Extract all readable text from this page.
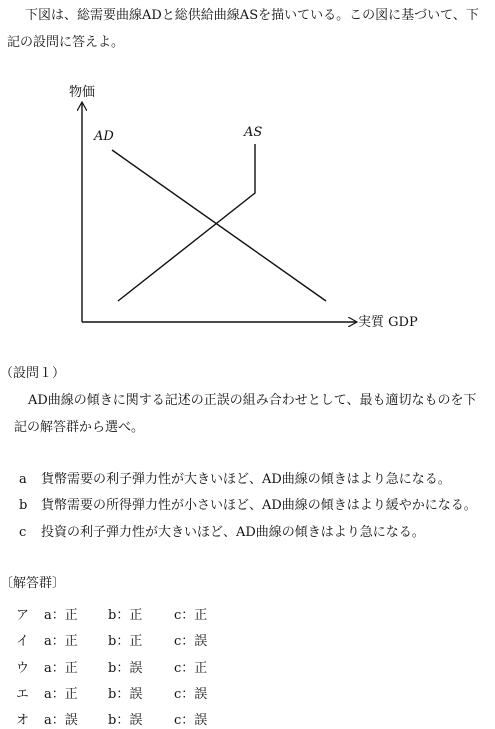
下図は、総需要曲線ADと総供給曲線ASを描いている。この図に基づいて、下
記の設問に答えよ。
物価
実質 GDP
AD	AS
（設問１）
AD曲線の傾きに関する記述の正誤の組み合わせとして、最も適切なものを下
記の解答群から選べ。
a 貨幣需要の利子弾力性が大きいほど、AD曲線の傾きはより急になる。
b 貨幣需要の所得弾力性が小さいほど、AD曲線の傾きはより緩やかになる。
c 投資の利子弾力性が大きいほど、AD曲線の傾きはより急になる。
〔解答群〕
ア a：正 b：正 c：正
イ a：正 b：正 c：誤
ウ a：正 b：誤 c：正
エ a：正 b：誤 c：誤
オ a：誤 b：誤 c：誤
